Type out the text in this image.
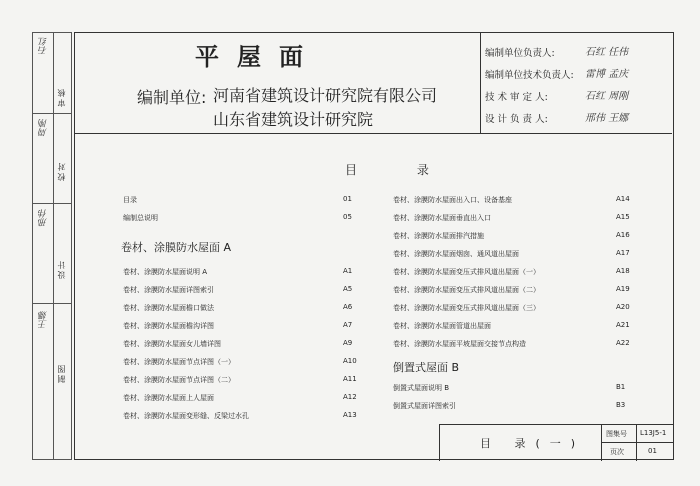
石红
审核
周刚
校对
邢伟
设计
王娜
制图
平屋面
编制单位: 河南省建筑设计研究院有限公司
山东省建筑设计研究院
编制单位负责人:	石红 任伟
编制单位技术负责人: 雷博 孟庆
技 术 审 定 人:	石红 周刚
设 计 负 责 人:	邢伟 王娜
目 录
目录	01
编制总说明	05
卷材、涂膜防水屋面 A
卷材、涂膜防水屋面说明 A	A1
卷材、涂膜防水屋面详图索引	A5
卷材、涂膜防水屋面檐口做法	A6
卷材、涂膜防水屋面檐沟详图	A7
卷材、涂膜防水屋面女儿墙详图	A9
卷材、涂膜防水屋面节点详图（一）	A10
卷材、涂膜防水屋面节点详图（二）	A11
卷材、涂膜防水屋面上人屋面	A12
卷材、涂膜防水屋面变形缝、反梁过水孔	A13
卷材、涂膜防水屋面出入口、设备基座	A14
卷材、涂膜防水屋面垂直出入口	A15
卷材、涂膜防水屋面排汽措施	A16
卷材、涂膜防水屋面烟囱、通风道出屋面	A17
卷材、涂膜防水屋面变压式排风道出屋面（一）	A18
卷材、涂膜防水屋面变压式排风道出屋面（二）	A19
卷材、涂膜防水屋面变压式排风道出屋面（三）	A20
卷材、涂膜防水屋面管道出屋面	A21
卷材、涂膜防水屋面平坡屋面交接节点构造	A22
倒置式屋面 B
倒置式屋面说明 B	B1
倒置式屋面详图索引	B3
目 录(一)
图集号 L13J5-1
页次	01
